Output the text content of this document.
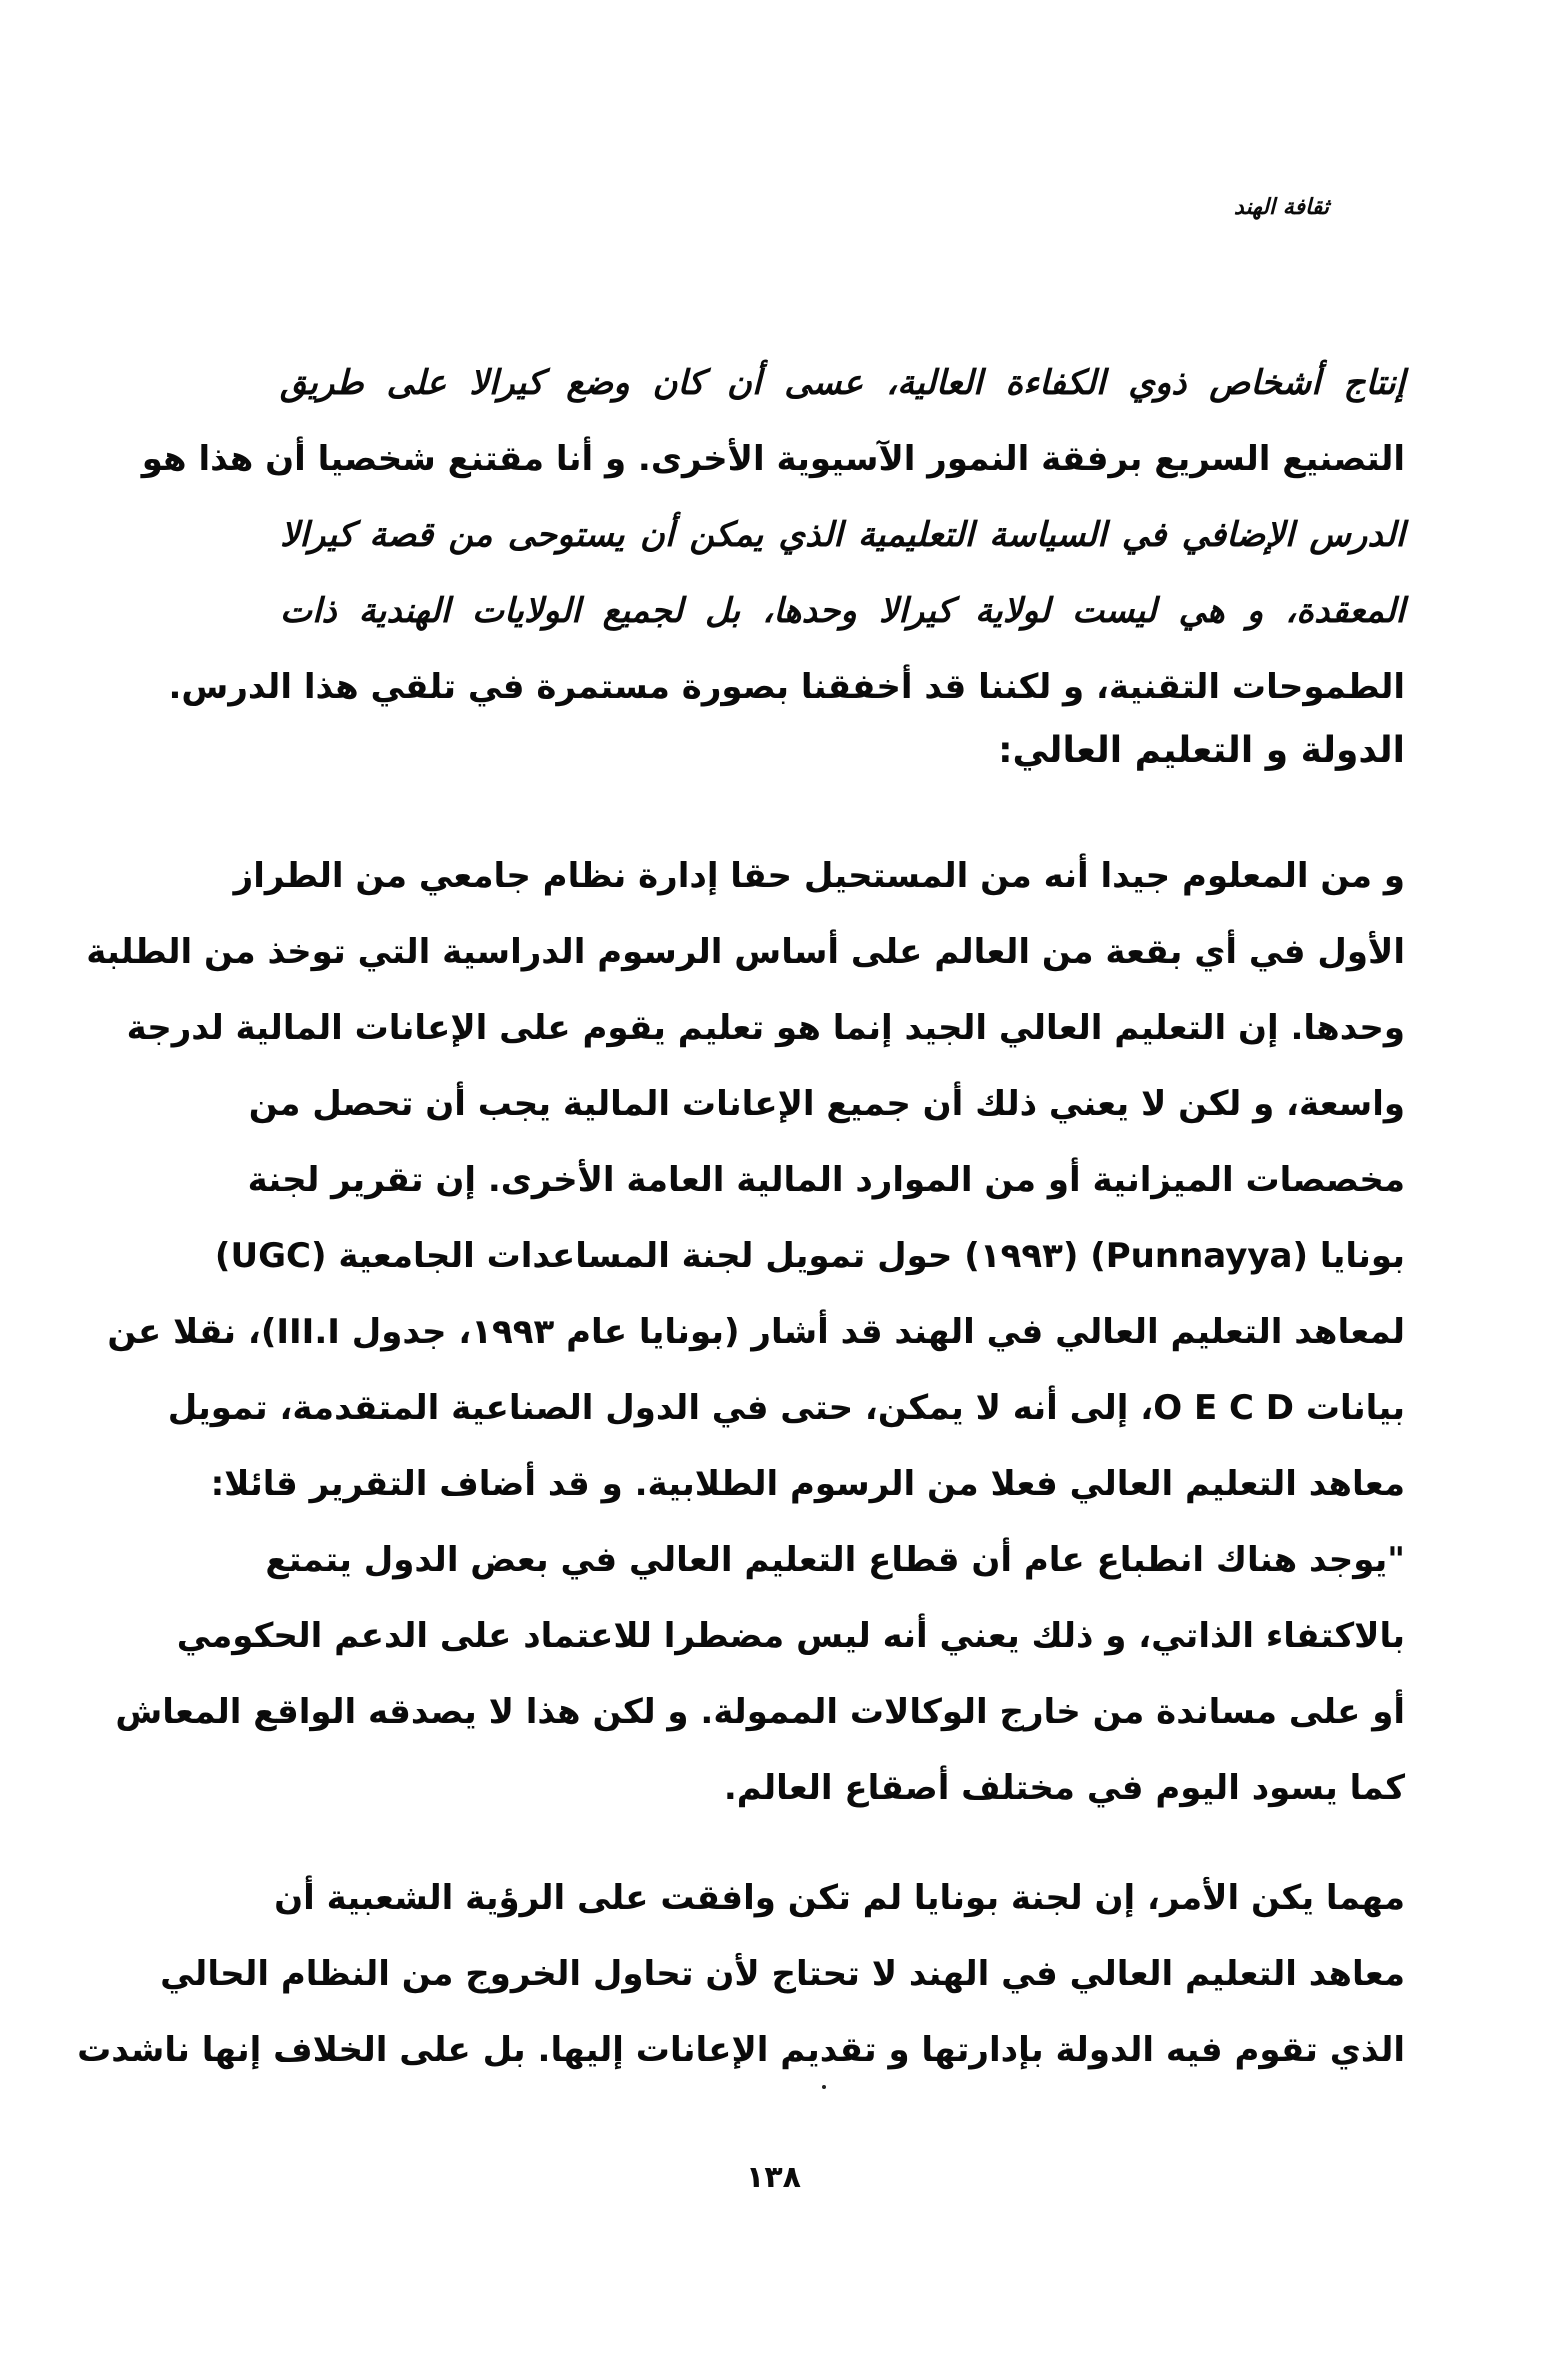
ثقافة الهند
إنتاج أشخاص ذوي الكفاءة العالية، عسى أن كان وضع كيرالا على طريق
التصنيع السريع برفقة النمور الآسيوية الأخرى. و أنا مقتنع شخصيا أن هذا هو
الدرس الإضافي في السياسة التعليمية الذي يمكن أن يستوحى من قصة كيرالا
المعقدة، و هي ليست لولاية كيرالا وحدها، بل لجميع الولايات الهندية ذات
الطموحات التقنية، و لكننا قد أخفقنا بصورة مستمرة في تلقي هذا الدرس.
الدولة و التعليم العالي:
و من المعلوم جيدا أنه من المستحيل حقا إدارة نظام جامعي من الطراز
الأول في أي بقعة من العالم على أساس الرسوم الدراسية التي توخذ من الطلبة
وحدها. إن التعليم العالي الجيد إنما هو تعليم يقوم على الإعانات المالية لدرجة
واسعة، و لكن لا يعني ذلك أن جميع الإعانات المالية يجب أن تحصل من
مخصصات الميزانية أو من الموارد المالية العامة الأخرى. إن تقرير لجنة
بونايا (Punnayya) (١٩٩٣) حول تمويل لجنة المساعدات الجامعية (UGC)
لمعاهد التعليم العالي في الهند قد أشار (بونايا عام ١٩٩٣، جدول III.I)، نقلا عن
بيانات O E C D، إلى أنه لا يمكن، حتى في الدول الصناعية المتقدمة، تمويل
معاهد التعليم العالي فعلا من الرسوم الطلابية. و قد أضاف التقرير قائلا:
"يوجد هناك انطباع عام أن قطاع التعليم العالي في بعض الدول يتمتع
بالاكتفاء الذاتي، و ذلك يعني أنه ليس مضطرا للاعتماد على الدعم الحكومي
أو على مساندة من خارج الوكالات الممولة. و لكن هذا لا يصدقه الواقع المعاش
كما يسود اليوم في مختلف أصقاع العالم.
مهما يكن الأمر، إن لجنة بونايا لم تكن وافقت على الرؤية الشعبية أن
معاهد التعليم العالي في الهند لا تحتاج لأن تحاول الخروج من النظام الحالي
الذي تقوم فيه الدولة بإدارتها و تقديم الإعانات إليها. بل على الخلاف إنها ناشدت
١٣٨
